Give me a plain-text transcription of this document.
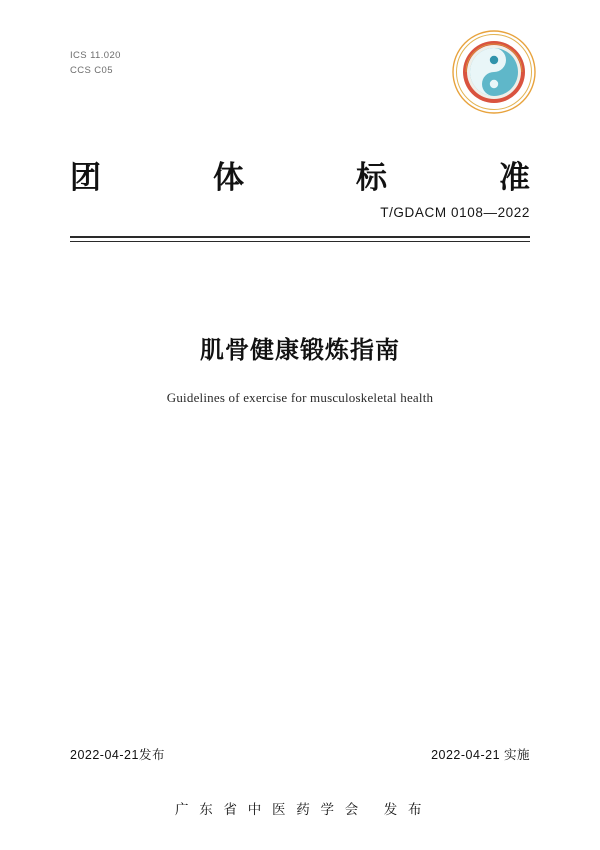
ICS 11.020
CCS C05
团	体	标	准
T/GDACM 0108—2022
肌骨健康锻炼指南
Guidelines of exercise for musculoskeletal health
2022-04-21发布	2022-04-21 实施
广 东 省 中 医 药 学 会 发 布
